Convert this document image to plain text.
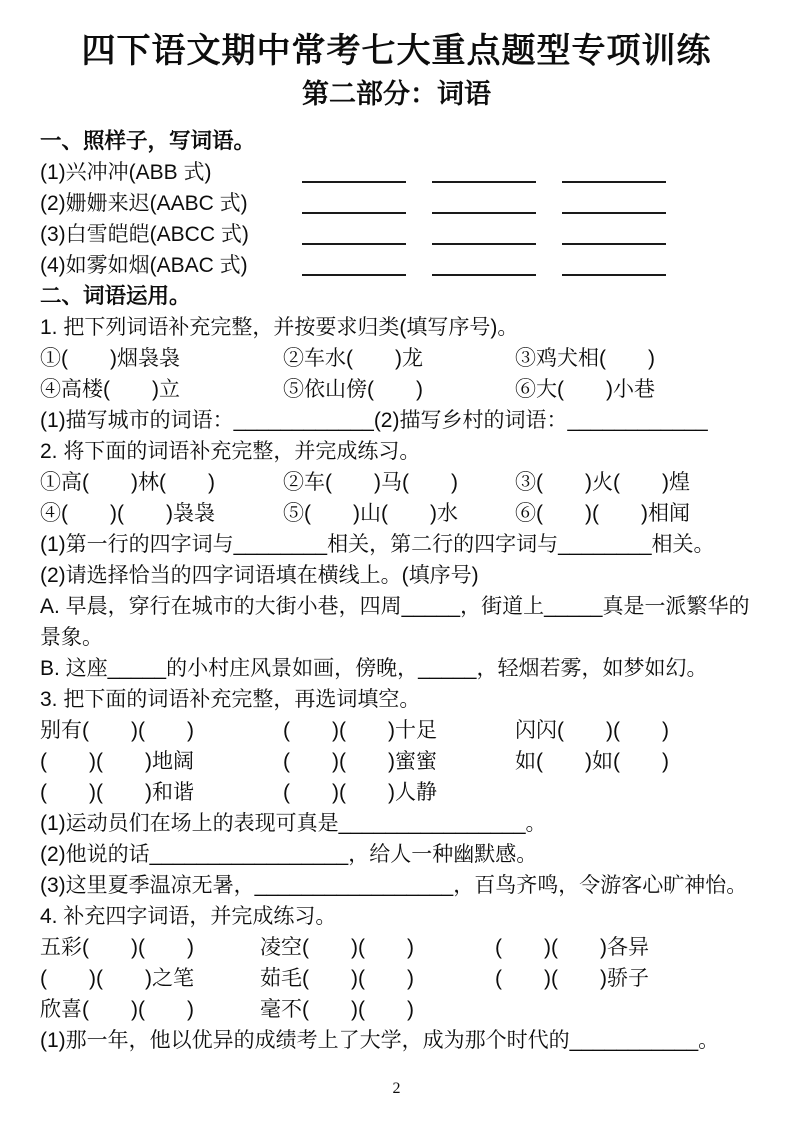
四下语文期中常考七大重点题型专项训练
第二部分：词语
一、照样子，写词语。
(1)兴冲冲(ABB 式)
(2)姗姗来迟(AABC 式)
(3)白雪皑皑(ABCC 式)
(4)如雾如烟(ABAC 式)
二、词语运用。
1. 把下列词语补充完整，并按要求归类(填写序号)。
①(　　)烟袅袅	②车水(　　)龙	③鸡犬相(　　)
④高楼(　　)立	⑤依山傍(　　)	⑥大(　　)小巷
(1)描写城市的词语：____________(2)描写乡村的词语：____________
2. 将下面的词语补充完整，并完成练习。
①高(　　)林(　　)	②车(　　)马(　　)	③(　　)火(　　)煌
④(　　)(　　)袅袅	⑤(　　)山(　　)水	⑥(　　)(　　)相闻
(1)第一行的四字词与________相关，第二行的四字词与________相关。
(2)请选择恰当的四字词语填在横线上。(填序号)
A. 早晨，穿行在城市的大街小巷，四周_____，街道上_____真是一派繁华的
景象。
B. 这座_____的小村庄风景如画，傍晚，_____，轻烟若雾，如梦如幻。
3. 把下面的词语补充完整，再选词填空。
别有(　　)(　　)	(　　)(　　)十足	闪闪(　　)(　　)
(　　)(　　)地阔	(　　)(　　)蜜蜜	如(　　)如(　　)
(　　)(　　)和谐	(　　)(　　)人静
(1)运动员们在场上的表现可真是________________。
(2)他说的话_________________，给人一种幽默感。
(3)这里夏季温凉无暑，_________________，百鸟齐鸣，令游客心旷神怡。
4. 补充四字词语，并完成练习。
五彩(　　)(　　)	凌空(　　)(　　)	(　　)(　　)各异
(　　)(　　)之笔	茹毛(　　)(　　)	(　　)(　　)骄子
欣喜(　　)(　　)	毫不(　　)(　　)
(1)那一年，他以优异的成绩考上了大学，成为那个时代的___________。
2
